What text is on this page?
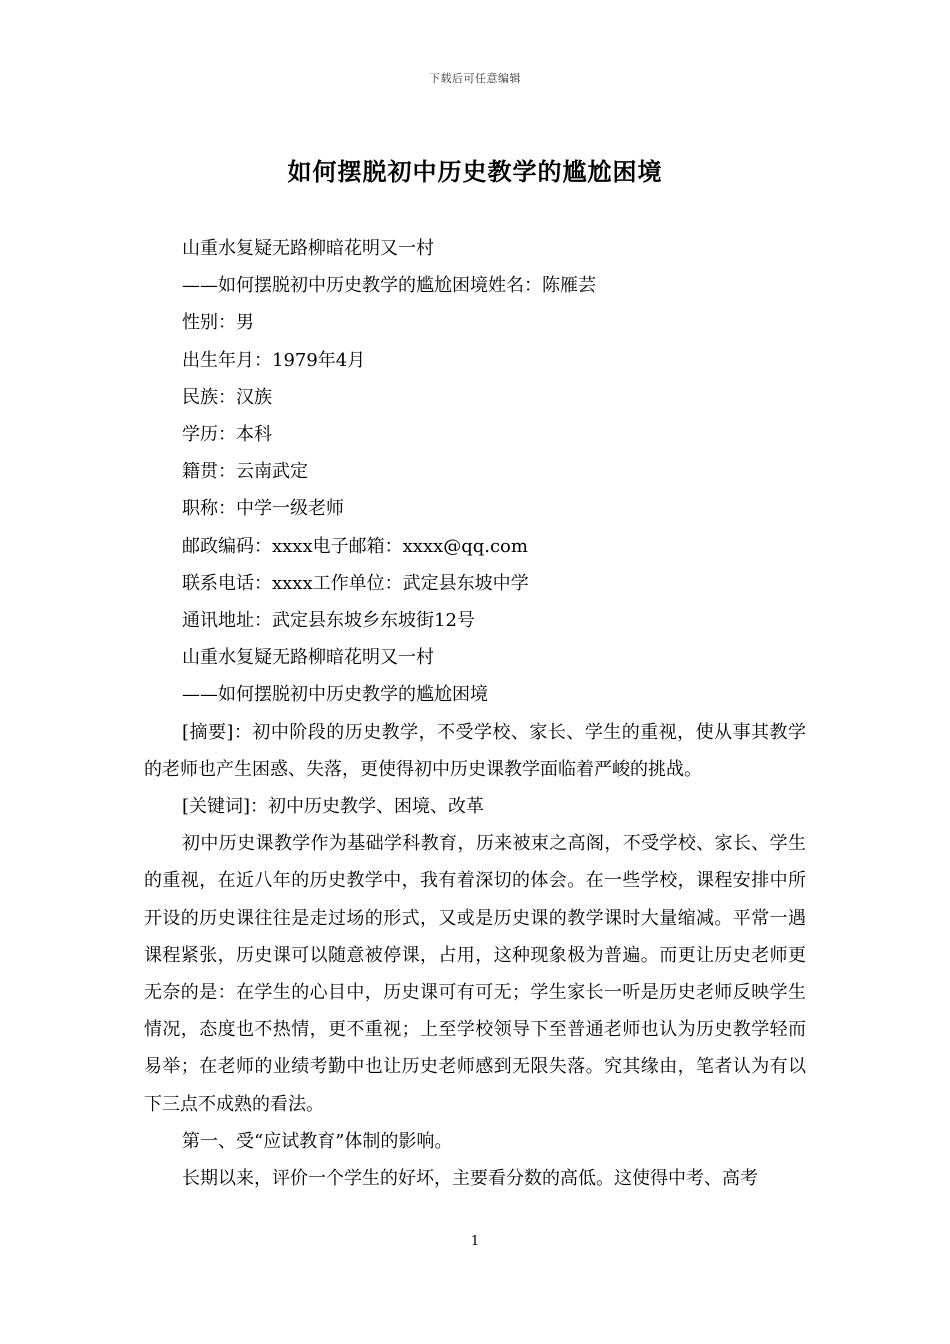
下载后可任意编辑
如何摆脱初中历史教学的尴尬困境

山重水复疑无路柳暗花明又一村

——如何摆脱初中历史教学的尴尬困境姓名：陈雁芸

性别：男

出生年月：1979年4月

民族：汉族

学历：本科

籍贯：云南武定

职称：中学一级老师

邮政编码：xxxx电子邮箱：xxxx@qq.com

联系电话：xxxx工作单位：武定县东坡中学

通讯地址：武定县东坡乡东坡街12号

山重水复疑无路柳暗花明又一村

——如何摆脱初中历史教学的尴尬困境

[摘要]：初中阶段的历史教学，不受学校、家长、学生的重视，使从事其教学的老师也产生困惑、失落，更使得初中历史课教学面临着严峻的挑战。

[关键词]：初中历史教学、困境、改革

初中历史课教学作为基础学科教育，历来被束之高阁，不受学校、家长、学生的重视，在近八年的历史教学中，我有着深切的体会。在一些学校，课程安排中所开设的历史课往往是走过场的形式，又或是历史课的教学课时大量缩减。平常一遇课程紧张，历史课可以随意被停课，占用，这种现象极为普遍。而更让历史老师更无奈的是：在学生的心目中，历史课可有可无；学生家长一听是历史老师反映学生情况，态度也不热情，更不重视；上至学校领导下至普通老师也认为历史教学轻而易举；在老师的业绩考勤中也让历史老师感到无限失落。究其缘由，笔者认为有以下三点不成熟的看法。

第一、受“应试教育”体制的影响。

长期以来，评价一个学生的好坏，主要看分数的高低。这使得中考、高考

1
